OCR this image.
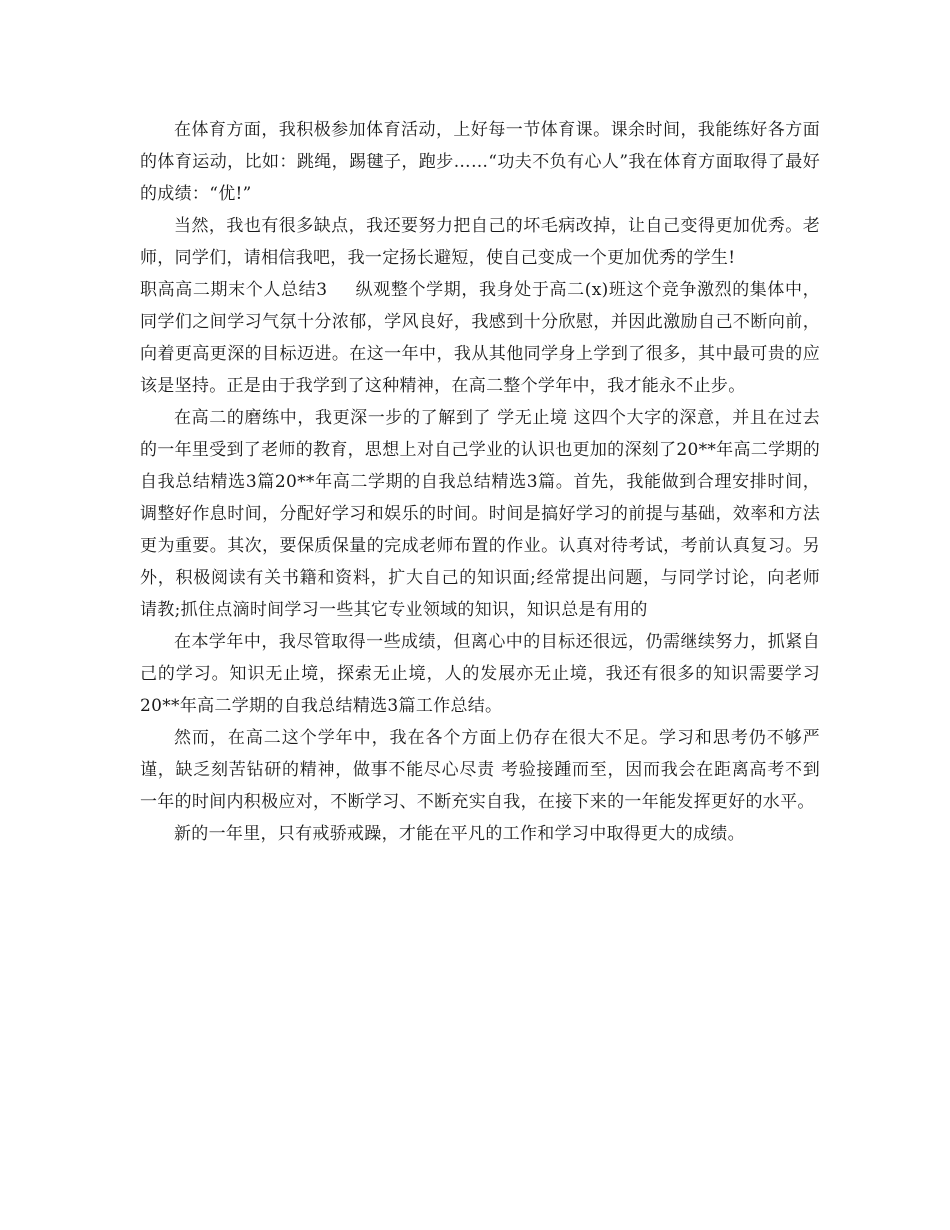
在体育方面，我积极参加体育活动，上好每一节体育课。课余时间，我能练好各方面的体育运动，比如：跳绳，踢毽子，跑步……“功夫不负有心人”我在体育方面取得了最好的成绩：“优!”

当然，我也有很多缺点，我还要努力把自己的坏毛病改掉，让自己变得更加优秀。老师，同学们，请相信我吧，我一定扬长避短，使自己变成一个更加优秀的学生!

职高高二期末个人总结3 纵观整个学期，我身处于高二(x)班这个竞争激烈的集体中，同学们之间学习气氛十分浓郁，学风良好，我感到十分欣慰，并因此激励自己不断向前，向着更高更深的目标迈进。在这一年中，我从其他同学身上学到了很多，其中最可贵的应该是坚持。正是由于我学到了这种精神，在高二整个学年中，我才能永不止步。

在高二的磨练中，我更深一步的了解到了 学无止境 这四个大字的深意，并且在过去的一年里受到了老师的教育，思想上对自己学业的认识也更加的深刻了20**年高二学期的自我总结精选3篇20**年高二学期的自我总结精选3篇。首先，我能做到合理安排时间，调整好作息时间，分配好学习和娱乐的时间。时间是搞好学习的前提与基础，效率和方法更为重要。其次，要保质保量的完成老师布置的作业。认真对待考试，考前认真复习。另外，积极阅读有关书籍和资料，扩大自己的知识面;经常提出问题，与同学讨论，向老师请教;抓住点滴时间学习一些其它专业领域的知识，知识总是有用的

在本学年中，我尽管取得一些成绩，但离心中的目标还很远，仍需继续努力，抓紧自己的学习。知识无止境，探索无止境，人的发展亦无止境，我还有很多的知识需要学习20**年高二学期的自我总结精选3篇工作总结。

然而，在高二这个学年中，我在各个方面上仍存在很大不足。学习和思考仍不够严谨，缺乏刻苦钻研的精神，做事不能尽心尽责 考验接踵而至，因而我会在距离高考不到一年的时间内积极应对，不断学习、不断充实自我，在接下来的一年能发挥更好的水平。

新的一年里，只有戒骄戒躁，才能在平凡的工作和学习中取得更大的成绩。
